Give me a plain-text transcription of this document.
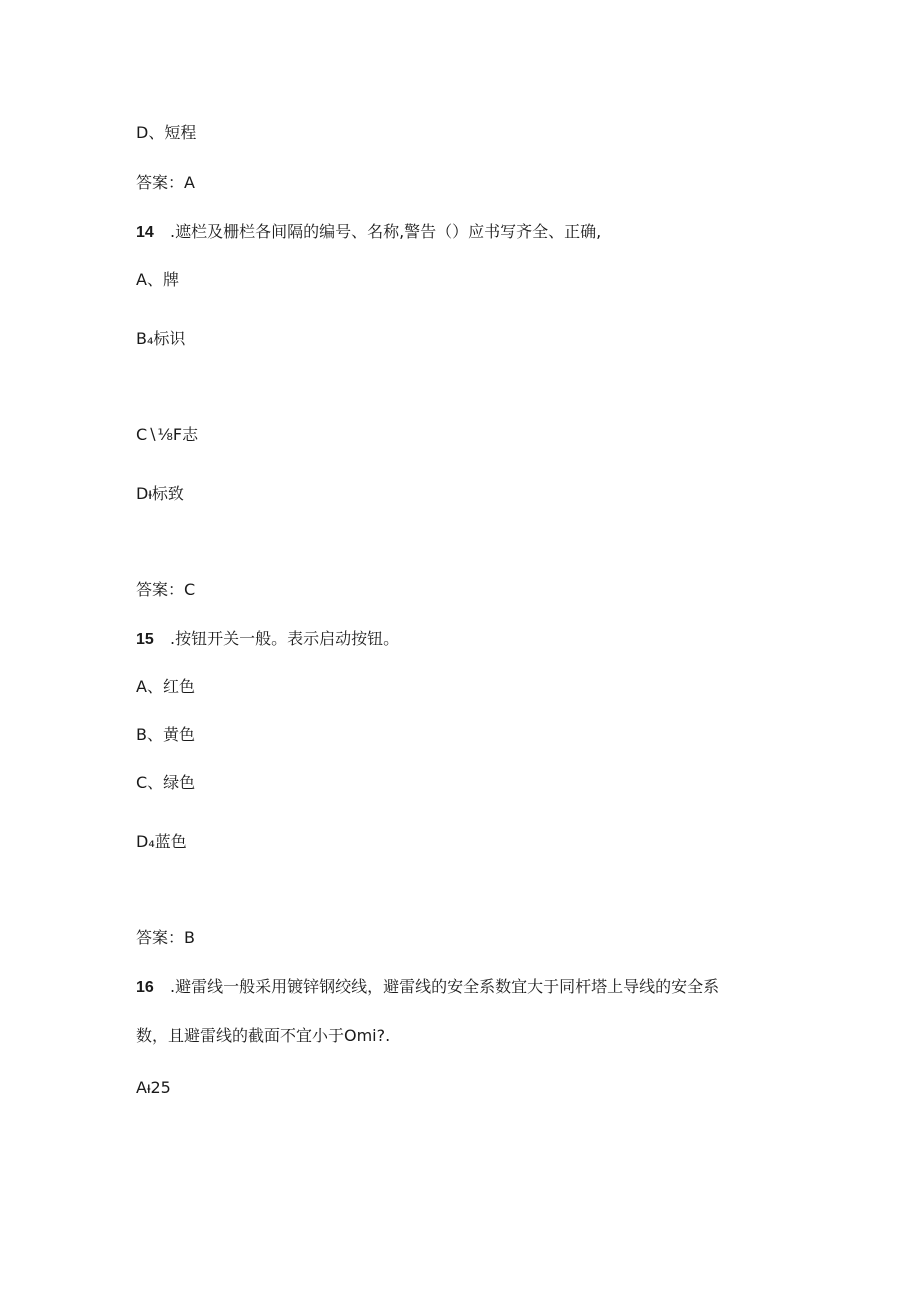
D、短程
答案：A
14 .遮栏及栅栏各间隔的编号、名称,警告（）应书写齐全、正确,
A、牌
B₄标识
C∖⅛F志
Dᵼ标致
答案：C
15 .按钮开关一般。表示启动按钮。
A、红色
B、黄色
C、绿色
D₄蓝色
答案：B
16 .避雷线一般采用镀锌钢绞线，避雷线的安全系数宜大于同杆塔上导线的安全系
数，且避雷线的截面不宜小于Omi?.
Aᵼ25
